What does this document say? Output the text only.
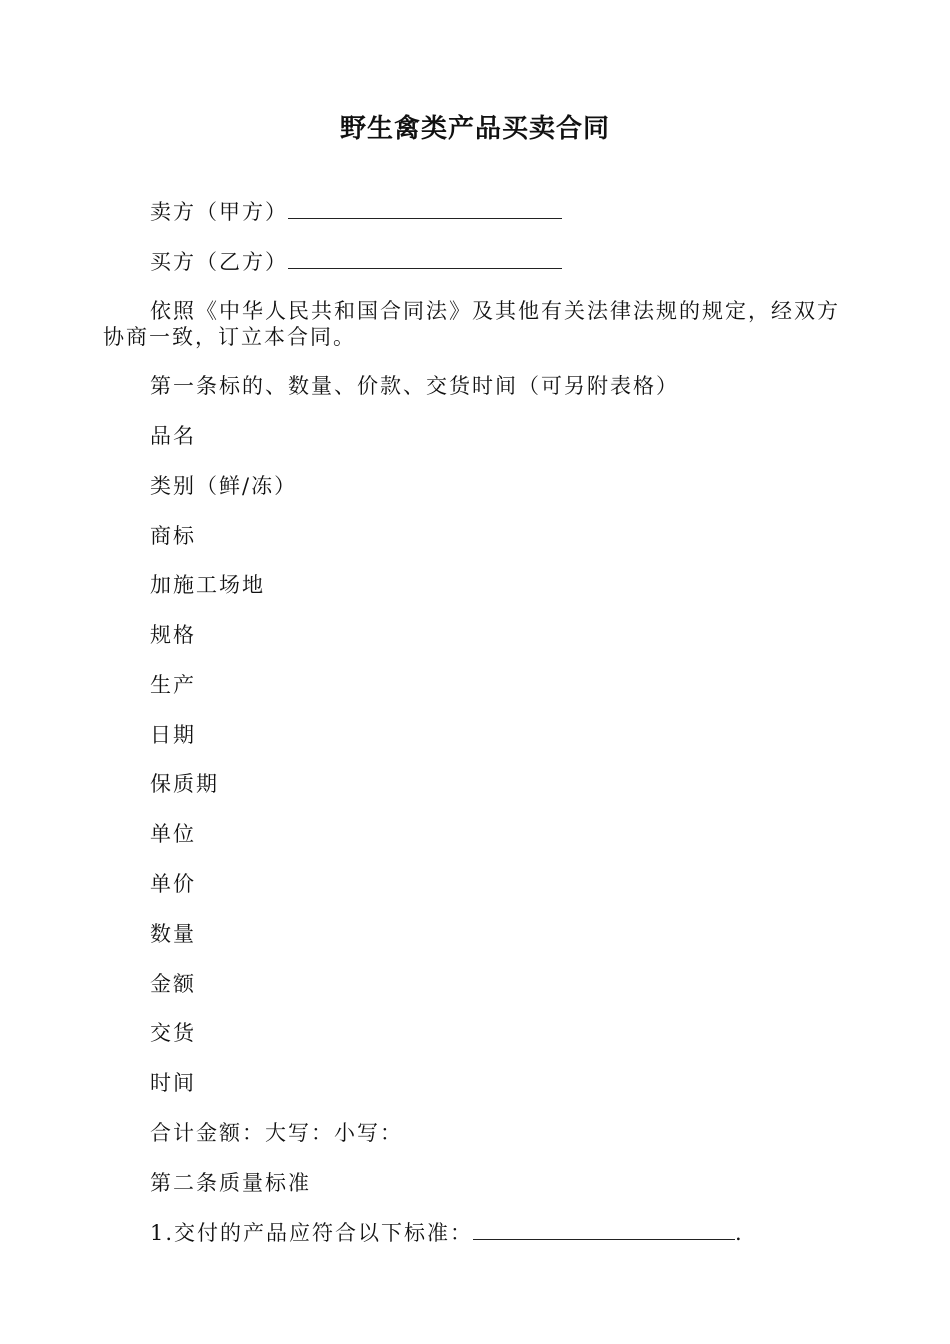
野生禽类产品买卖合同
卖方（甲方）
买方（乙方）
依照《中华人民共和国合同法》及其他有关法律法规的规定，经双方协商一致，订立本合同。
第一条标的、数量、价款、交货时间（可另附表格）
品名
类别（鲜/冻）
商标
加施工场地
规格
生产
日期
保质期
单位
单价
数量
金额
交货
时间
合计金额：大写：小写：
第二条质量标准
1.交付的产品应符合以下标准：	.
